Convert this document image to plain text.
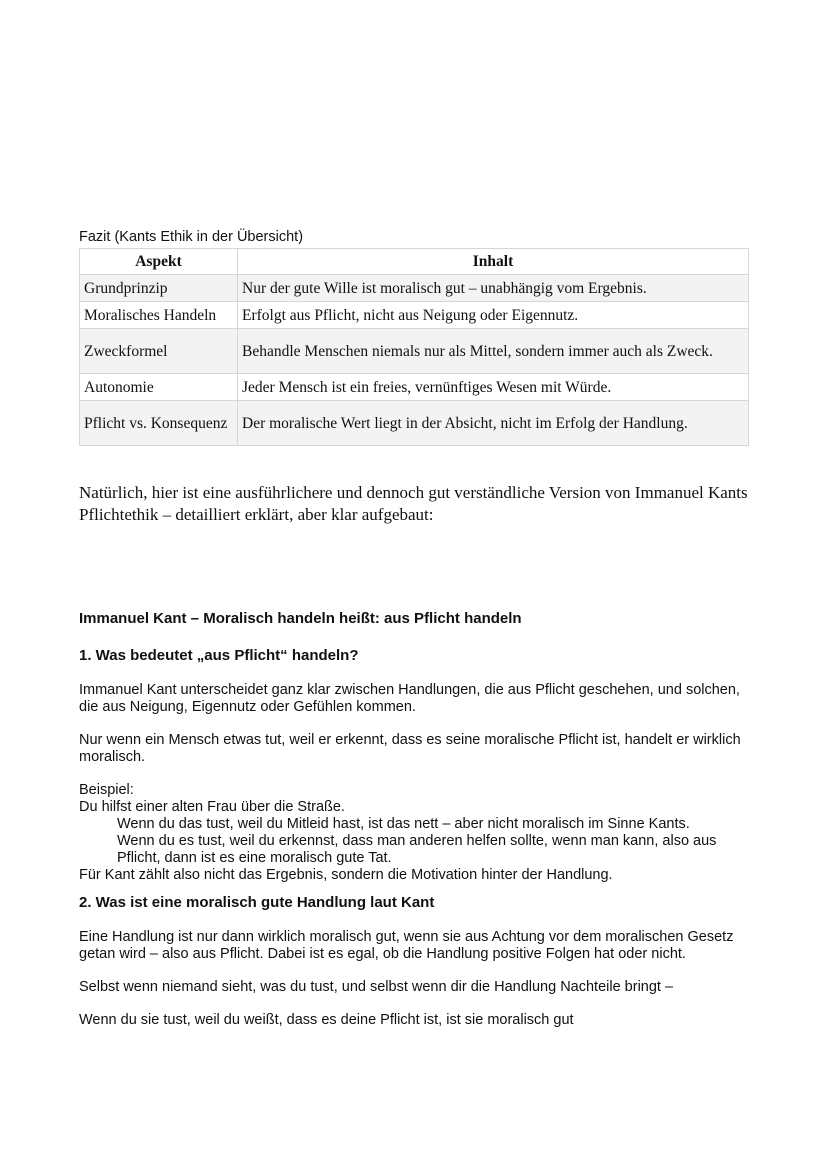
Fazit (Kants Ethik in der Übersicht)
Aspekt	Inhalt
Grundprinzip	Nur der gute Wille ist moralisch gut – unabhängig vom Ergebnis.
Moralisches Handeln	Erfolgt aus Pflicht, nicht aus Neigung oder Eigennutz.
Zweckformel	Behandle Menschen niemals nur als Mittel, sondern immer auch als Zweck.
Autonomie	Jeder Mensch ist ein freies, vernünftiges Wesen mit Würde.
Pflicht vs. Konsequenz	Der moralische Wert liegt in der Absicht, nicht im Erfolg der Handlung.

Natürlich, hier ist eine ausführlichere und dennoch gut verständliche Version von Immanuel Kants Pflichtethik – detailliert erklärt, aber klar aufgebaut:

Immanuel Kant – Moralisch handeln heißt: aus Pflicht handeln

1. Was bedeutet „aus Pflicht“ handeln?

Immanuel Kant unterscheidet ganz klar zwischen Handlungen, die aus Pflicht geschehen, und solchen, die aus Neigung, Eigennutz oder Gefühlen kommen.

Nur wenn ein Mensch etwas tut, weil er erkennt, dass es seine moralische Pflicht ist, handelt er wirklich moralisch.

Beispiel:

Du hilfst einer alten Frau über die Straße.

Wenn du das tust, weil du Mitleid hast, ist das nett – aber nicht moralisch im Sinne Kants.

Wenn du es tust, weil du erkennst, dass man anderen helfen sollte, wenn man kann, also aus Pflicht, dann ist es eine moralisch gute Tat.

Für Kant zählt also nicht das Ergebnis, sondern die Motivation hinter der Handlung.

2. Was ist eine moralisch gute Handlung laut Kant

Eine Handlung ist nur dann wirklich moralisch gut, wenn sie aus Achtung vor dem moralischen Gesetz getan wird – also aus Pflicht. Dabei ist es egal, ob die Handlung positive Folgen hat oder nicht.

Selbst wenn niemand sieht, was du tust, und selbst wenn dir die Handlung Nachteile bringt –

Wenn du sie tust, weil du weißt, dass es deine Pflicht ist, ist sie moralisch gut
